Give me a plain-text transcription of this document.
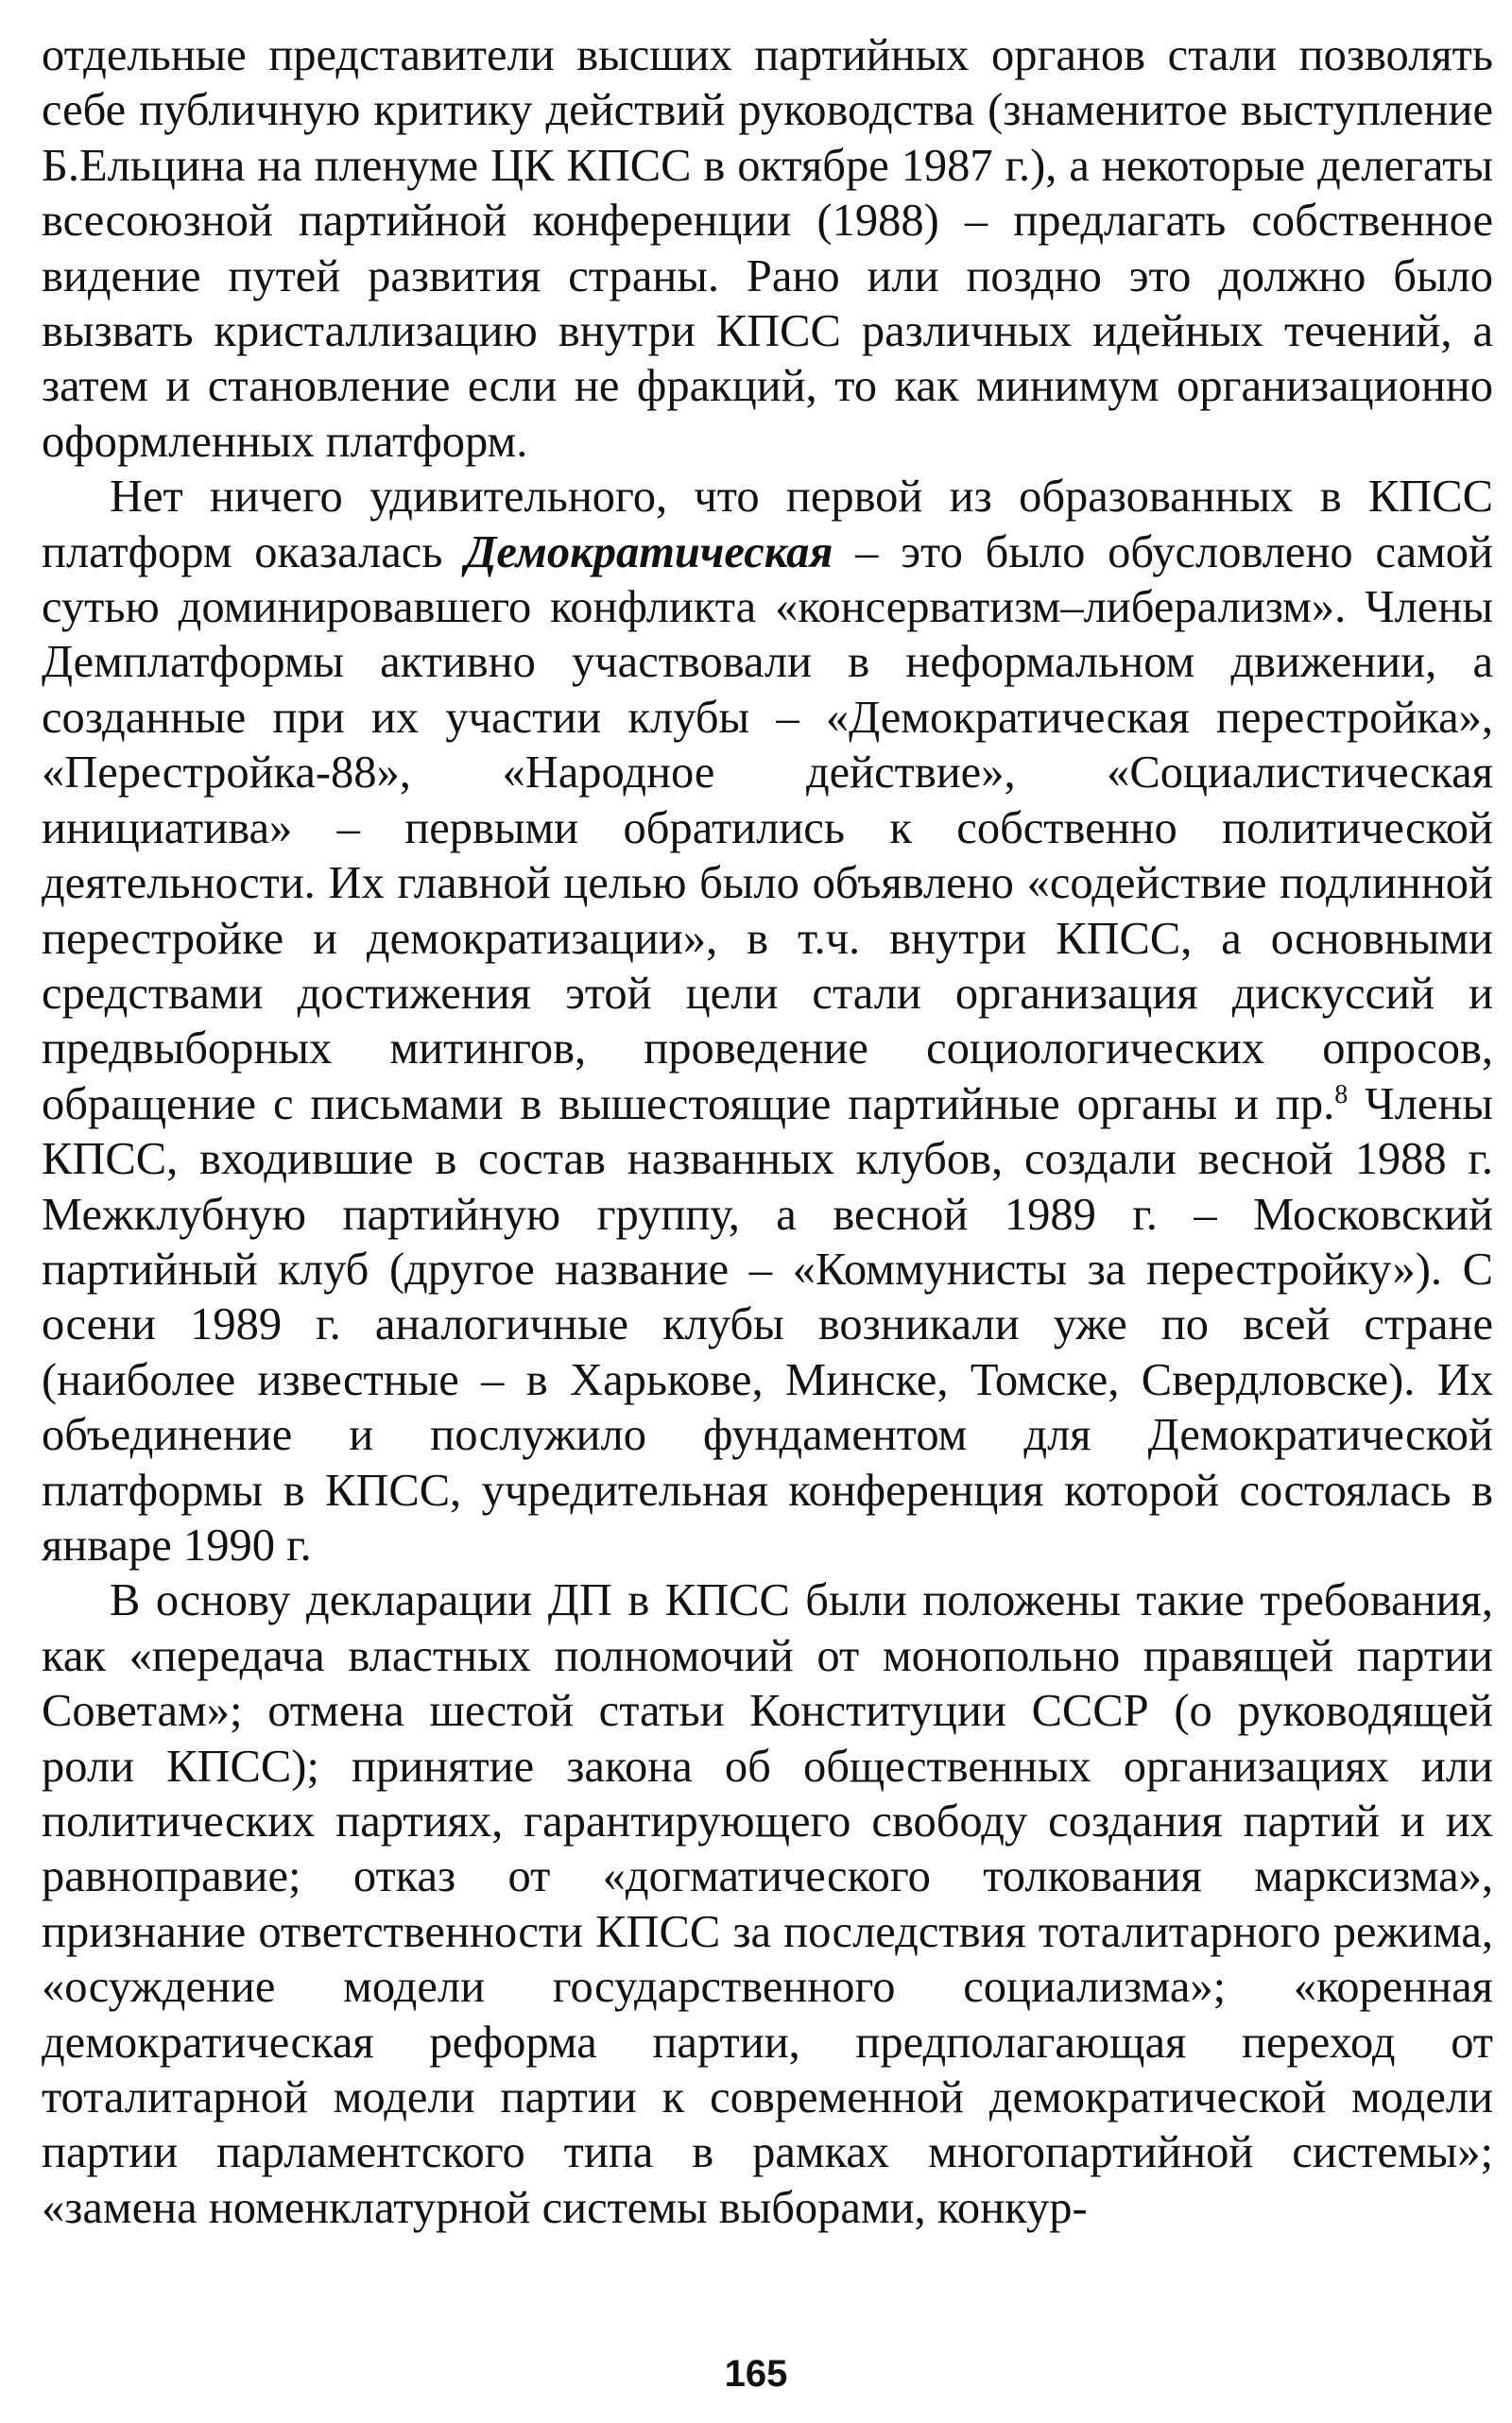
отдельные представители высших партийных органов стали позволять себе публичную критику действий руководства (знаменитое выступление Б.Ельцина на пленуме ЦК КПСС в октябре 1987 г.), а некоторые делегаты всесоюзной партийной конференции (1988) – предлагать собственное видение путей развития страны. Рано или поздно это должно было вызвать кристаллизацию внутри КПСС различных идейных течений, а затем и становление если не фракций, то как минимум организационно оформленных платформ.

Нет ничего удивительного, что первой из образованных в КПСС платформ оказалась Демократическая – это было обусловлено самой сутью доминировавшего конфликта «консерватизм–либерализм». Члены Демплатформы активно участвовали в неформальном движении, а созданные при их участии клубы – «Демократическая перестройка», «Перестройка-88», «Народное действие», «Социалистическая инициатива» – первыми обратились к собственно политической деятельности. Их главной целью было объявлено «содействие подлинной перестройке и демократизации», в т.ч. внутри КПСС, а основными средствами достижения этой цели стали организация дискуссий и предвыборных митингов, проведение социологических опросов, обращение с письмами в вышестоящие партийные органы и пр.$^8$ Члены КПСС, входившие в состав названных клубов, создали весной 1988 г. Межклубную партийную группу, а весной 1989 г. – Московский партийный клуб (другое название – «Коммунисты за перестройку»). С осени 1989 г. аналогичные клубы возникали уже по всей стране (наиболее известные – в Харькове, Минске, Томске, Свердловске). Их объединение и послужило фундаментом для Демократической платформы в КПСС, учредительная конференция которой состоялась в январе 1990 г.

В основу декларации ДП в КПСС были положены такие требования, как «передача властных полномочий от монопольно правящей партии Советам»; отмена шестой статьи Конституции СССР (о руководящей роли КПСС); принятие закона об общественных организациях или политических партиях, гарантирующего свободу создания партий и их равноправие; отказ от «догматического толкования марксизма», признание ответственности КПСС за последствия тоталитарного режима, «осуждение модели государственного социализма»; «коренная демократическая реформа партии, предполагающая переход от тоталитарной модели партии к современной демократической модели партии парламентского типа в рамках многопартийной системы»; «замена номенклатурной системы выборами, конкур-

165
